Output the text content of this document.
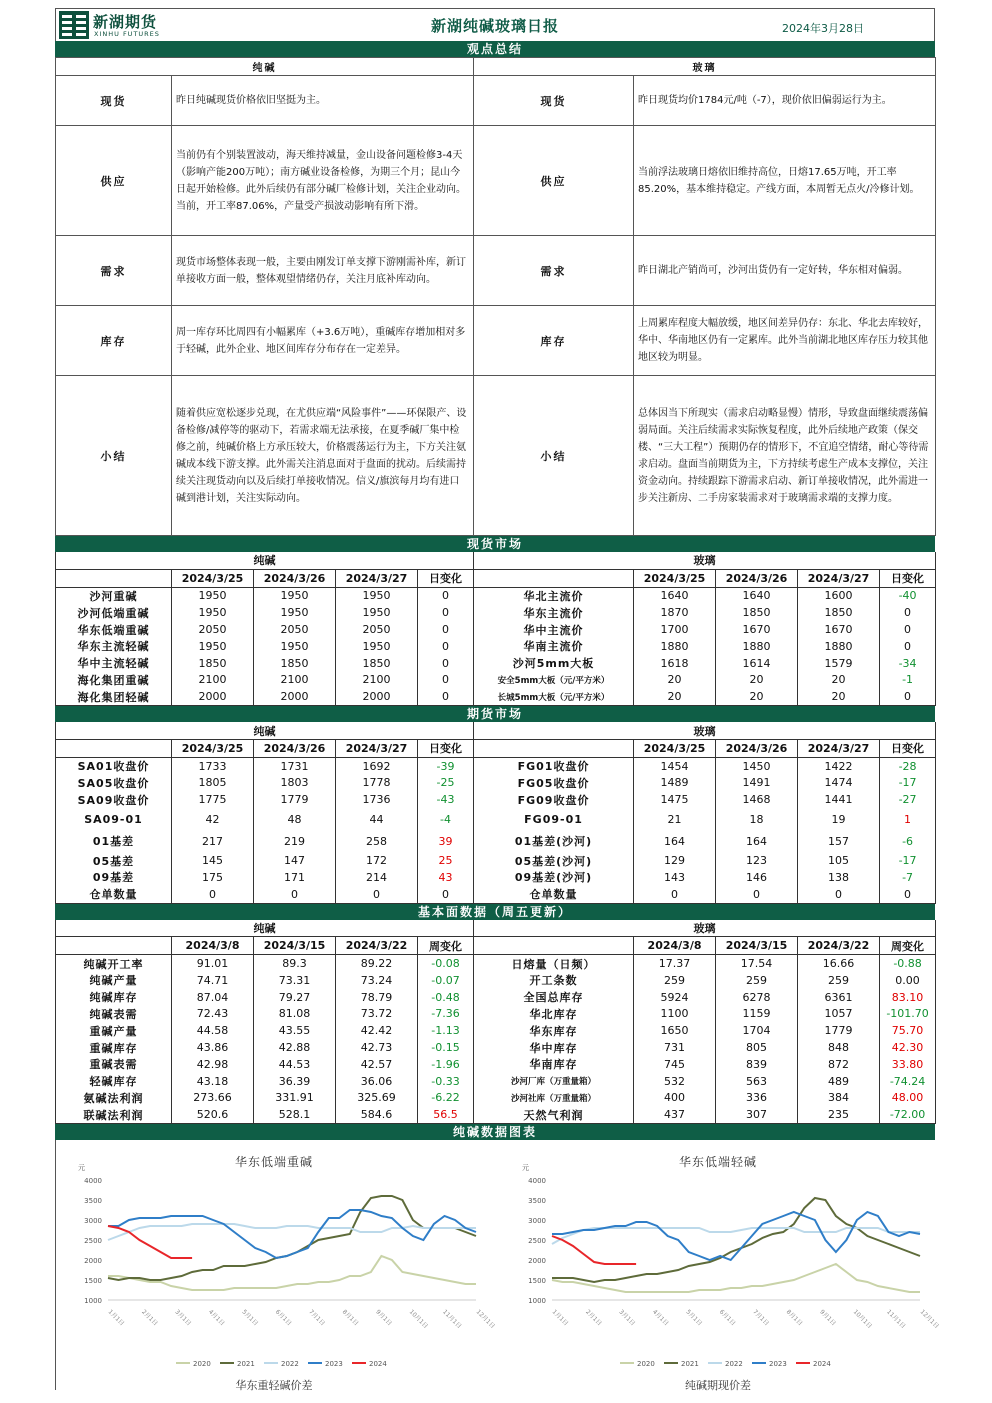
新湖期货
XINHU FUTURES	新湖纯碱玻璃日报	2024年3月28日
观点总结
纯碱		玻璃	
现货	昨日纯碱现货价格依旧坚挺为主。	现货	昨日现货均价1784元/吨（-7），现价依旧偏弱运行为主。
供应	当前仍有个别装置波动，海天维持减量，金山设备问题检修3-4天（影响产能200万吨）；南方碱业设备检修，为期三个月；昆山今日起开始检修。此外后续仍有部分碱厂检修计划，关注企业动向。当前，开工率87.06%，产量受产损波动影响有所下滑。	供应	当前浮法玻璃日熔依旧维持高位，日熔17.65万吨，开工率85.20%，基本维持稳定。产线方面，本周暂无点火/冷修计划。
需求	现货市场整体表现一般，主要由刚发订单支撑下游刚需补库，新订单接收方面一般，整体观望情绪仍存，关注月底补库动向。	需求	昨日湖北产销尚可，沙河出货仍有一定好转，华东相对偏弱。
库存	周一库存环比周四有小幅累库（+3.6万吨），重碱库存增加相对多于轻碱，此外企业、地区间库存分布存在一定差异。	库存	上周累库程度大幅放缓，地区间差异仍存：东北、华北去库较好，华中、华南地区仍有一定累库。此外当前湖北地区库存压力较其他地区较为明显。
小结	随着供应宽松逐步兑现，在尤供应端“风险事件”——环保限产、设备检修/减停等的驱动下，若需求端无法承接，在夏季碱厂集中检修之前，纯碱价格上方承压较大，价格震荡运行为主，下方关注氨碱成本线下游支撑。此外需关注消息面对于盘面的扰动。后续需持续关注现货动向以及后续打单接收情况。信义/旗滨每月均有进口碱到港计划，关注实际动向。	小结	总体因当下所现实（需求启动略显慢）情形，导致盘面继续震荡偏弱局面。关注后续需求实际恢复程度，此外后续地产政策（保交楼、“三大工程”）预期仍存的情形下，不宜追空情绪，耐心等待需求启动。盘面当前期货为主，下方持续考虑生产成本支撑位，关注资金动向。持续跟踪下游需求启动、新订单接收情况，此外需进一步关注新房、二手房家装需求对于玻璃需求端的支撑力度。
现货市场
纯碱					玻璃				
	2024/3/25	2024/3/26	2024/3/27	日变化		2024/3/25	2024/3/26	2024/3/27	日变化
沙河重碱	1950	1950	1950	0	华北主流价	1640	1640	1600	-40
沙河低端重碱	1950	1950	1950	0	华东主流价	1870	1850	1850	0
华东低端重碱	2050	2050	2050	0	华中主流价	1700	1670	1670	0
华东主流轻碱	1950	1950	1950	0	华南主流价	1880	1880	1880	0
华中主流轻碱	1850	1850	1850	0	沙河5mm大板	1618	1614	1579	-34
海化集团重碱	2100	2100	2100	0	安全5mm大板（元/平方米）	20	20	20	-1
海化集团轻碱	2000	2000	2000	0	长城5mm大板（元/平方米）	20	20	20	0
期货市场
纯碱					玻璃				
	2024/3/25	2024/3/26	2024/3/27	日变化		2024/3/25	2024/3/26	2024/3/27	日变化
SA01收盘价	1733	1731	1692	-39	FG01收盘价	1454	1450	1422	-28
SA05收盘价	1805	1803	1778	-25	FG05收盘价	1489	1491	1474	-17
SA09收盘价	1775	1779	1736	-43	FG09收盘价	1475	1468	1441	-27
SA09-01	42	48	44	-4	FG09-01	21	18	19	1
01基差	217	219	258	39	01基差(沙河)	164	164	157	-6
05基差	145	147	172	25	05基差(沙河)	129	123	105	-17
09基差	175	171	214	43	09基差(沙河)	143	146	138	-7
仓单数量	0	0	0	0	仓单数量	0	0	0	0
基本面数据（周五更新）
纯碱					玻璃				
	2024/3/8	2024/3/15	2024/3/22	周变化		2024/3/8	2024/3/15	2024/3/22	周变化
纯碱开工率	91.01	89.3	89.22	-0.08	日熔量（日频）	17.37	17.54	16.66	-0.88
纯碱产量	74.71	73.31	73.24	-0.07	开工条数	259	259	259	0.00
纯碱库存	87.04	79.27	78.79	-0.48	全国总库存	5924	6278	6361	83.10
纯碱表需	72.43	81.08	73.72	-7.36	华北库存	1100	1159	1057	-101.70
重碱产量	44.58	43.55	42.42	-1.13	华东库存	1650	1704	1779	75.70
重碱库存	43.86	42.88	42.73	-0.15	华中库存	731	805	848	42.30
重碱表需	42.98	44.53	42.57	-1.96	华南库存	745	839	872	33.80
轻碱库存	43.18	36.39	36.06	-0.33	沙河厂库（万重量箱）	532	563	489	-74.24
氨碱法利润	273.66	331.91	325.69	-6.22	沙河社库（万重量箱）	400	336	384	48.00
联碱法利润	520.6	528.1	584.6	56.5	天然气利润	437	307	235	-72.00
纯碱数据图表
华东低端重碱
元
1000
1500
2000
2500
3000
3500
4000
1月1日 2月1日 3月1日 4月1日 5月1日 6月1日 7月1日 8月1日 9月1日 10月1日 11月1日 12月1日
2020	2021	2022	2023	2024
华东重轻碱价差
华东低端轻碱
元
1000
1500
2000
2500
3000
3500
4000
1月1日 2月1日 3月1日 4月1日 5月1日 6月1日 7月1日 8月1日 9月1日 10月1日 11月1日 12月1日
2020	2021	2022	2023	2024
纯碱期现价差
